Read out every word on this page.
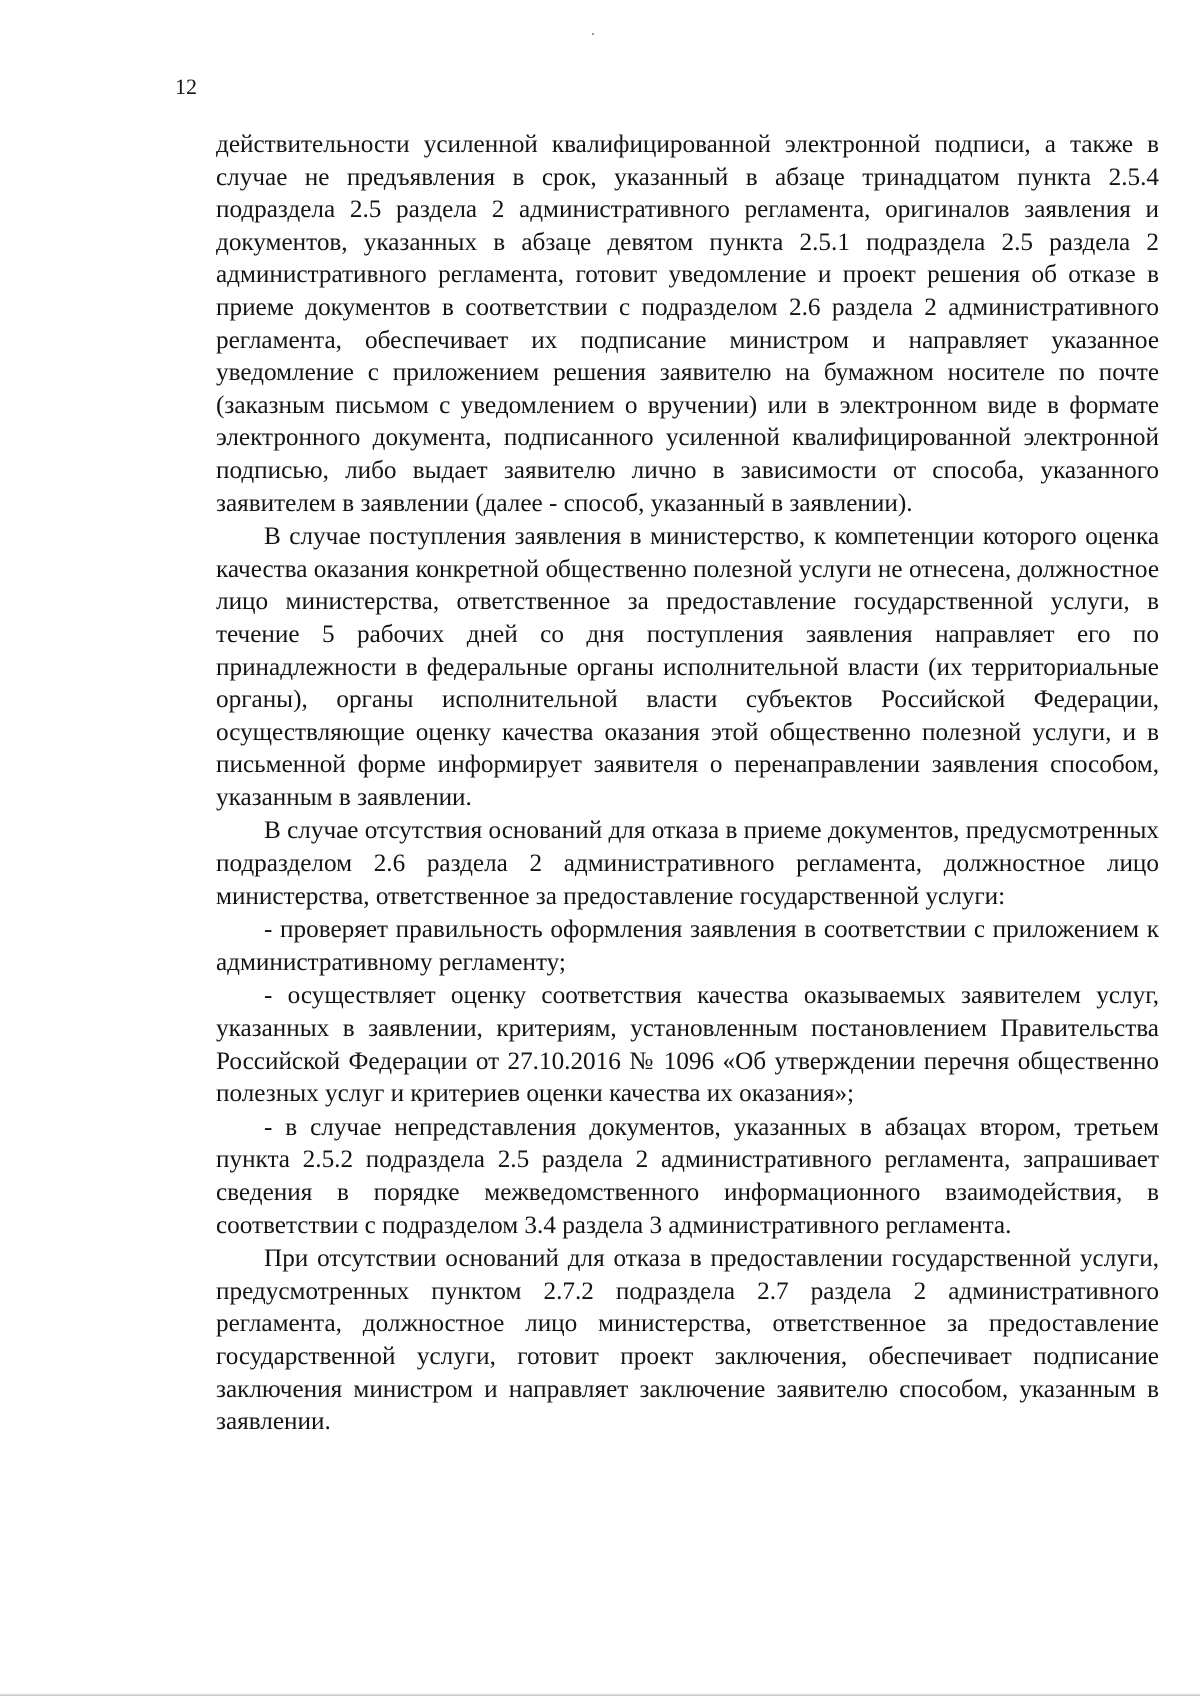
12

действительности усиленной квалифицированной электронной подписи, а также в случае не предъявления в срок, указанный в абзаце тринадцатом пункта 2.5.4 подраздела 2.5 раздела 2 административного регламента, оригиналов заявления и документов, указанных в абзаце девятом пункта 2.5.1 подраздела 2.5 раздела 2 административного регламента, готовит уведомление и проект решения об отказе в приеме документов в соответствии с подразделом 2.6 раздела 2 административного регламента, обеспечивает их подписание министром и направляет указанное уведомление с приложением решения заявителю на бумажном носителе по почте (заказным письмом с уведомлением о вручении) или в электронном виде в формате электронного документа, подписанного усиленной квалифицированной электронной подписью, либо выдает заявителю лично в зависимости от способа, указанного заявителем в заявлении (далее - способ, указанный в заявлении).

В случае поступления заявления в министерство, к компетенции которого оценка качества оказания конкретной общественно полезной услуги не отнесена, должностное лицо министерства, ответственное за предоставление государственной услуги, в течение 5 рабочих дней со дня поступления заявления направляет его по принадлежности в федеральные органы исполнительной власти (их территориальные органы), органы исполнительной власти субъектов Российской Федерации, осуществляющие оценку качества оказания этой общественно полезной услуги, и в письменной форме информирует заявителя о перенаправлении заявления способом, указанным в заявлении.

В случае отсутствия оснований для отказа в приеме документов, предусмотренных подразделом 2.6 раздела 2 административного регламента, должностное лицо министерства, ответственное за предоставление государственной услуги:

- проверяет правильность оформления заявления в соответствии с приложением к административному регламенту;

- осуществляет оценку соответствия качества оказываемых заявителем услуг, указанных в заявлении, критериям, установленным постановлением Правительства Российской Федерации от 27.10.2016 № 1096 «Об утверждении перечня общественно полезных услуг и критериев оценки качества их оказания»;

- в случае непредставления документов, указанных в абзацах втором, третьем пункта 2.5.2 подраздела 2.5 раздела 2 административного регламента, запрашивает сведения в порядке межведомственного информационного взаимодействия, в соответствии с подразделом 3.4 раздела 3 административного регламента.

При отсутствии оснований для отказа в предоставлении государственной услуги, предусмотренных пунктом 2.7.2 подраздела 2.7 раздела 2 административного регламента, должностное лицо министерства, ответственное за предоставление государственной услуги, готовит проект заключения, обеспечивает подписание заключения министром и направляет заключение заявителю способом, указанным в заявлении.
